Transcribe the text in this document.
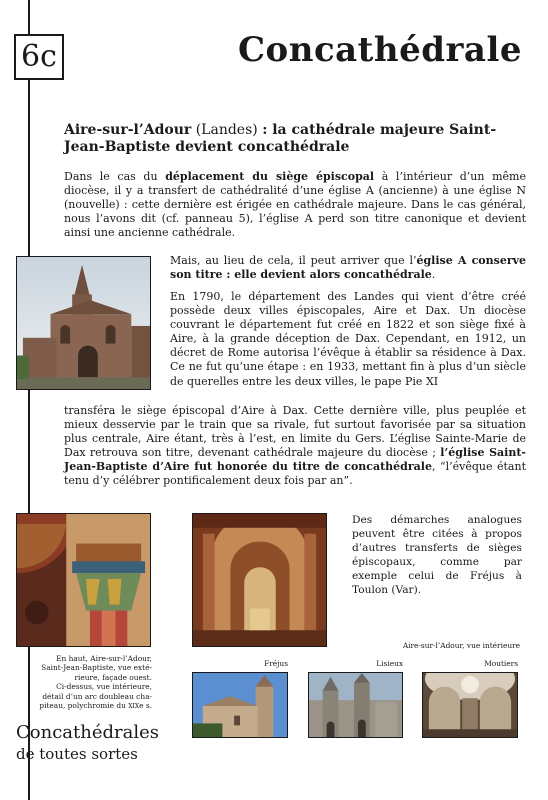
6c	Concathédrale
Aire-sur-l’Adour (Landes) : la cathédrale majeure Saint-Jean-Baptiste devient concathédrale
Dans le cas du déplacement du siège épiscopal à l’intérieur d’un même diocèse, il y a transfert de cathédralité d’une église A (ancienne) à une église N (nouvelle) : cette dernière est érigée en cathédrale majeure. Dans le cas général, nous l’avons dit (cf. panneau 5), l’église A perd son titre canonique et devient ainsi une ancienne cathédrale.
Mais, au lieu de cela, il peut arriver que l’église A conserve son titre : elle devient alors concathédrale.
En 1790, le département des Landes qui vient d’être créé possède deux villes épiscopales, Aire et Dax. Un diocèse couvrant le département fut créé en 1822 et son siège fixé à Aire, à la grande déception de Dax. Cependant, en 1912, un décret de Rome autorisa l’évêque à établir sa résidence à Dax. Ce ne fut qu’une étape : en 1933, mettant fin à plus d’un siècle de querelles entre les deux villes, le pape Pie XI
transféra le siège épiscopal d’Aire à Dax. Cette dernière ville, plus peuplée et mieux desservie par le train que sa rivale, fut surtout favorisée par sa situation plus centrale, Aire étant, très à l’est, en limite du Gers. L’église Sainte-Marie de Dax retrouva son titre, devenant cathédrale majeure du diocèse ; l’église Saint-Jean-Baptiste d’Aire fut honorée du titre de concathédrale, “l’évêque étant tenu d’y célébrer pontificalement deux fois par an”.
Des démarches analogues peuvent être citées à propos d’autres transferts de sièges épiscopaux, comme par exemple celui de Fréjus à Toulon (Var).
En haut, Aire-sur-l’Adour,
Saint-Jean-Baptiste, vue exté-
rieure, façade ouest.
Ci-dessus, vue intérieure,
détail d’un arc doubleau cha-
piteau, polychromie du XIXe s.
Aire-sur-l’Adour, vue intérieure
Fréjus	Lisieux	Moutiers
Concathédrales
de toutes sortes
